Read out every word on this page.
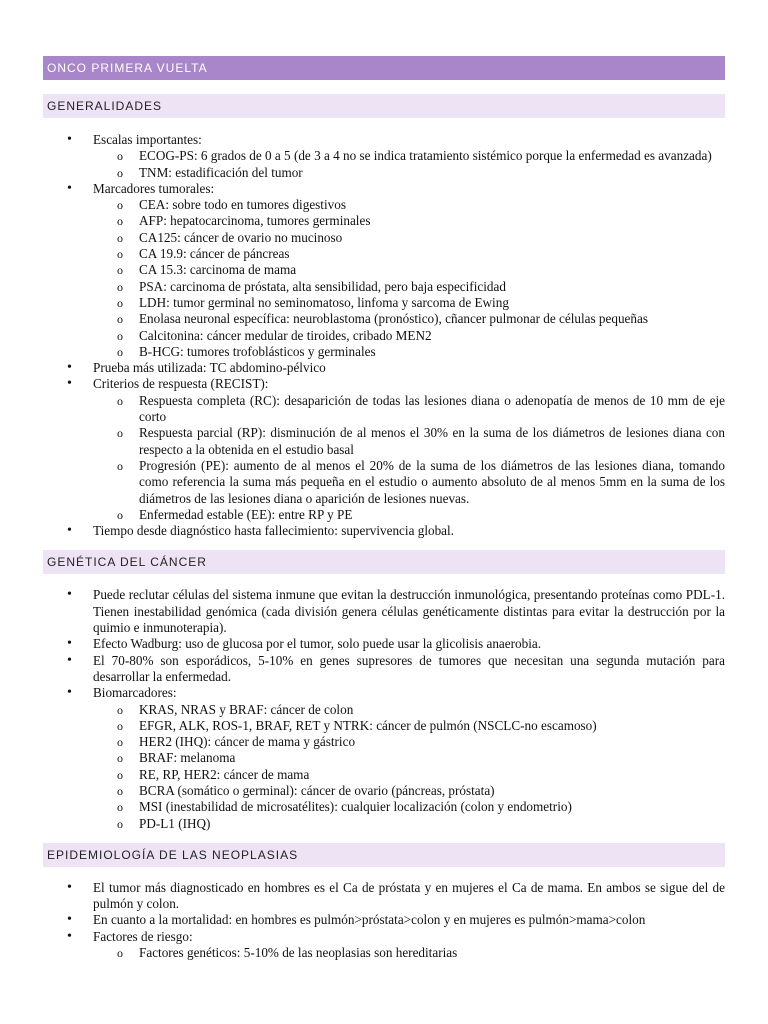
ONCO PRIMERA VUELTA
GENERALIDADES
• Escalas importantes:
o ECOG-PS: 6 grados de 0 a 5 (de 3 a 4 no se indica tratamiento sistémico porque la enfermedad es avanzada)
o TNM: estadificación del tumor
• Marcadores tumorales:
o CEA: sobre todo en tumores digestivos
o AFP: hepatocarcinoma, tumores germinales
o CA125: cáncer de ovario no mucinoso
o CA 19.9: cáncer de páncreas
o CA 15.3: carcinoma de mama
o PSA: carcinoma de próstata, alta sensibilidad, pero baja especificidad
o LDH: tumor germinal no seminomatoso, linfoma y sarcoma de Ewing
o Enolasa neuronal específica: neuroblastoma (pronóstico), cñancer pulmonar de células pequeñas
o Calcitonina: cáncer medular de tiroides, cribado MEN2
o B-HCG: tumores trofoblásticos y germinales
• Prueba más utilizada: TC abdomino-pélvico
• Criterios de respuesta (RECIST):
o Respuesta completa (RC): desaparición de todas las lesiones diana o adenopatía de menos de 10 mm de eje corto
o Respuesta parcial (RP): disminución de al menos el 30% en la suma de los diámetros de lesiones diana con respecto a la obtenida en el estudio basal
o Progresión (PE): aumento de al menos el 20% de la suma de los diámetros de las lesiones diana, tomando como referencia la suma más pequeña en el estudio o aumento absoluto de al menos 5mm en la suma de los diámetros de las lesiones diana o aparición de lesiones nuevas.
o Enfermedad estable (EE): entre RP y PE
• Tiempo desde diagnóstico hasta fallecimiento: supervivencia global.
GENÉTICA DEL CÁNCER
• Puede reclutar células del sistema inmune que evitan la destrucción inmunológica, presentando proteínas como PDL-1. Tienen inestabilidad genómica (cada división genera células genéticamente distintas para evitar la destrucción por la quimio e inmunoterapia).
• Efecto Wadburg: uso de glucosa por el tumor, solo puede usar la glicolisis anaerobia.
• El 70-80% son esporádicos, 5-10% en genes supresores de tumores que necesitan una segunda mutación para desarrollar la enfermedad.
• Biomarcadores:
o KRAS, NRAS y BRAF: cáncer de colon
o EFGR, ALK, ROS-1, BRAF, RET y NTRK: cáncer de pulmón (NSCLC-no escamoso)
o HER2 (IHQ): cáncer de mama y gástrico
o BRAF: melanoma
o RE, RP, HER2: cáncer de mama
o BCRA (somático o germinal): cáncer de ovario (páncreas, próstata)
o MSI (inestabilidad de microsatélites): cualquier localización (colon y endometrio)
o PD-L1 (IHQ)
EPIDEMIOLOGÍA DE LAS NEOPLASIAS
• El tumor más diagnosticado en hombres es el Ca de próstata y en mujeres el Ca de mama. En ambos se sigue del de pulmón y colon.
• En cuanto a la mortalidad: en hombres es pulmón>próstata>colon y en mujeres es pulmón>mama>colon
• Factores de riesgo:
o Factores genéticos: 5-10% de las neoplasias son hereditarias
